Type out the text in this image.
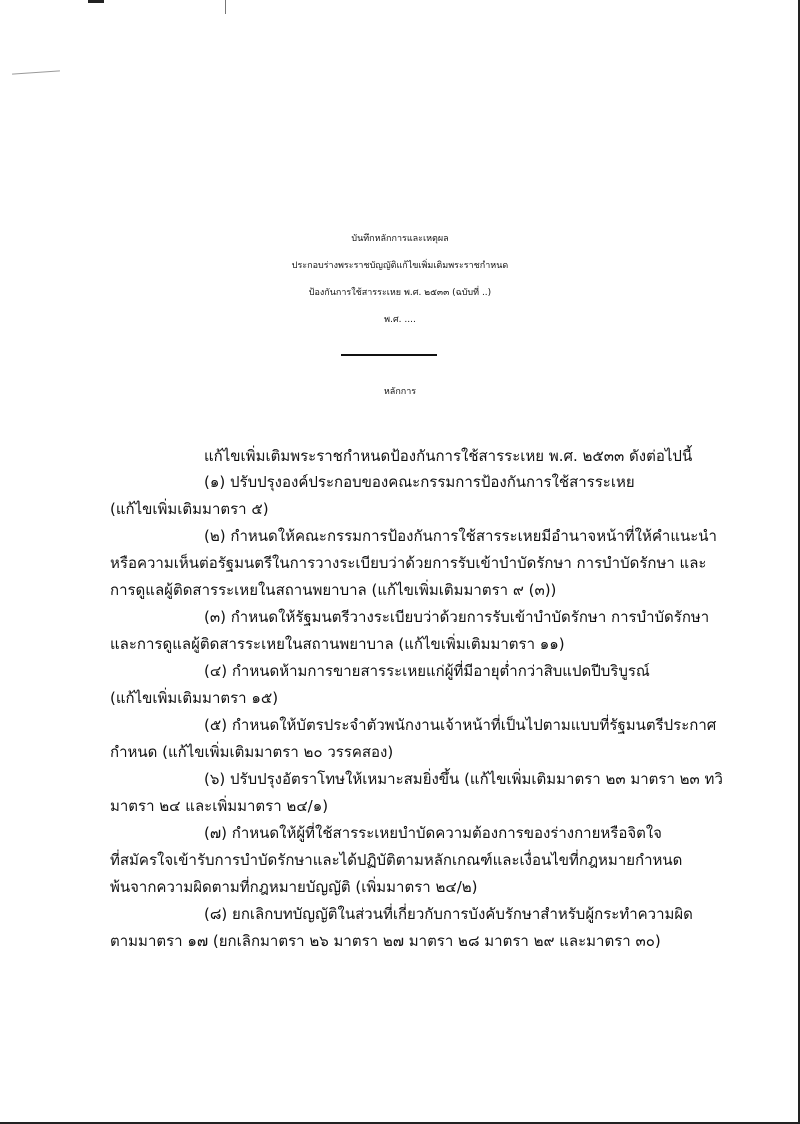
บันทึกหลักการและเหตุผล
ประกอบร่างพระราชบัญญัติแก้ไขเพิ่มเติมพระราชกำหนด
ป้องกันการใช้สารระเหย พ.ศ. ๒๕๓๓ (ฉบับที่ ..)
พ.ศ. ....
หลักการ
แก้ไขเพิ่มเติมพระราชกำหนดป้องกันการใช้สารระเหย พ.ศ. ๒๕๓๓ ดังต่อไปนี้
(๑) ปรับปรุงองค์ประกอบของคณะกรรมการป้องกันการใช้สารระเหย
(แก้ไขเพิ่มเติมมาตรา ๕)
(๒) กำหนดให้คณะกรรมการป้องกันการใช้สารระเหยมีอำนาจหน้าที่ให้คำแนะนำ
หรือความเห็นต่อรัฐมนตรีในการวางระเบียบว่าด้วยการรับเข้าบำบัดรักษา การบำบัดรักษา และ
การดูแลผู้ติดสารระเหยในสถานพยาบาล (แก้ไขเพิ่มเติมมาตรา ๙ (๓))
(๓) กำหนดให้รัฐมนตรีวางระเบียบว่าด้วยการรับเข้าบำบัดรักษา การบำบัดรักษา
และการดูแลผู้ติดสารระเหยในสถานพยาบาล (แก้ไขเพิ่มเติมมาตรา ๑๑)
(๔) กำหนดห้ามการขายสารระเหยแก่ผู้ที่มีอายุต่ำกว่าสิบแปดปีบริบูรณ์
(แก้ไขเพิ่มเติมมาตรา ๑๕)
(๕) กำหนดให้บัตรประจำตัวพนักงานเจ้าหน้าที่เป็นไปตามแบบที่รัฐมนตรีประกาศ
กำหนด (แก้ไขเพิ่มเติมมาตรา ๒๐ วรรคสอง)
(๖) ปรับปรุงอัตราโทษให้เหมาะสมยิ่งขึ้น (แก้ไขเพิ่มเติมมาตรา ๒๓ มาตรา ๒๓ ทวิ
มาตรา ๒๔ และเพิ่มมาตรา ๒๔/๑)
(๗) กำหนดให้ผู้ที่ใช้สารระเหยบำบัดความต้องการของร่างกายหรือจิตใจ
ที่สมัครใจเข้ารับการบำบัดรักษาและได้ปฏิบัติตามหลักเกณฑ์และเงื่อนไขที่กฎหมายกำหนด
พ้นจากความผิดตามที่กฎหมายบัญญัติ (เพิ่มมาตรา ๒๔/๒)
(๘) ยกเลิกบทบัญญัติในส่วนที่เกี่ยวกับการบังคับรักษาสำหรับผู้กระทำความผิด
ตามมาตรา ๑๗ (ยกเลิกมาตรา ๒๖ มาตรา ๒๗ มาตรา ๒๘ มาตรา ๒๙ และมาตรา ๓๐)
